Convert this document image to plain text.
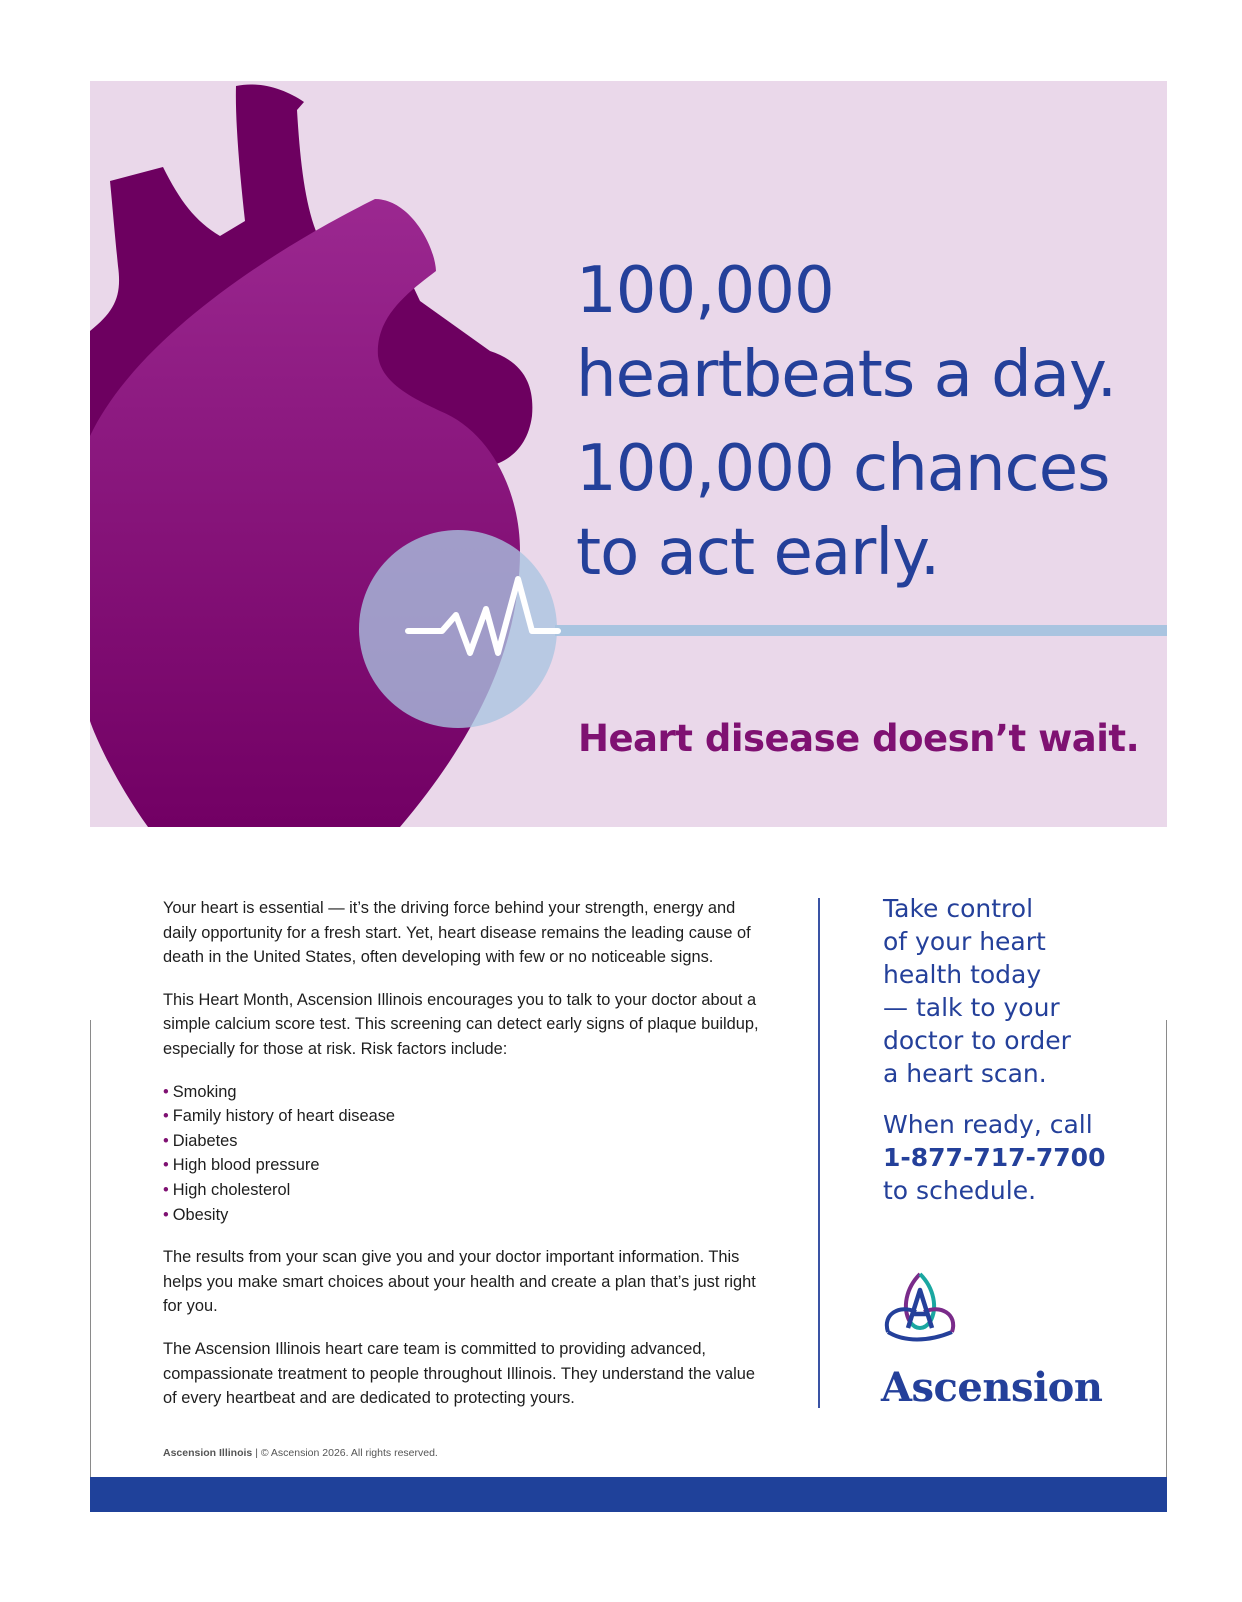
100,000
heartbeats a day.
100,000 chances
to act early.
Heart disease doesn’t wait.

Your heart is essential — it’s the driving force behind your strength, energy and daily opportunity for a fresh start. Yet, heart disease remains the leading cause of death in the United States, often developing with few or no noticeable signs.

This Heart Month, Ascension Illinois encourages you to talk to your doctor about a simple calcium score test. This screening can detect early signs of plaque buildup, especially for those at risk. Risk factors include:

• Smoking
• Family history of heart disease
• Diabetes
• High blood pressure
• High cholesterol
• Obesity

The results from your scan give you and your doctor important information. This helps you make smart choices about your health and create a plan that’s just right for you.

The Ascension Illinois heart care team is committed to providing advanced, compassionate treatment to people throughout Illinois. They understand the value of every heartbeat and are dedicated to protecting yours.

Take control
of your heart
health today
— talk to your
doctor to order
a heart scan.
When ready, call
1-877-717-7700
to schedule.
Ascension
Ascension Illinois | © Ascension 2026. All rights reserved.
